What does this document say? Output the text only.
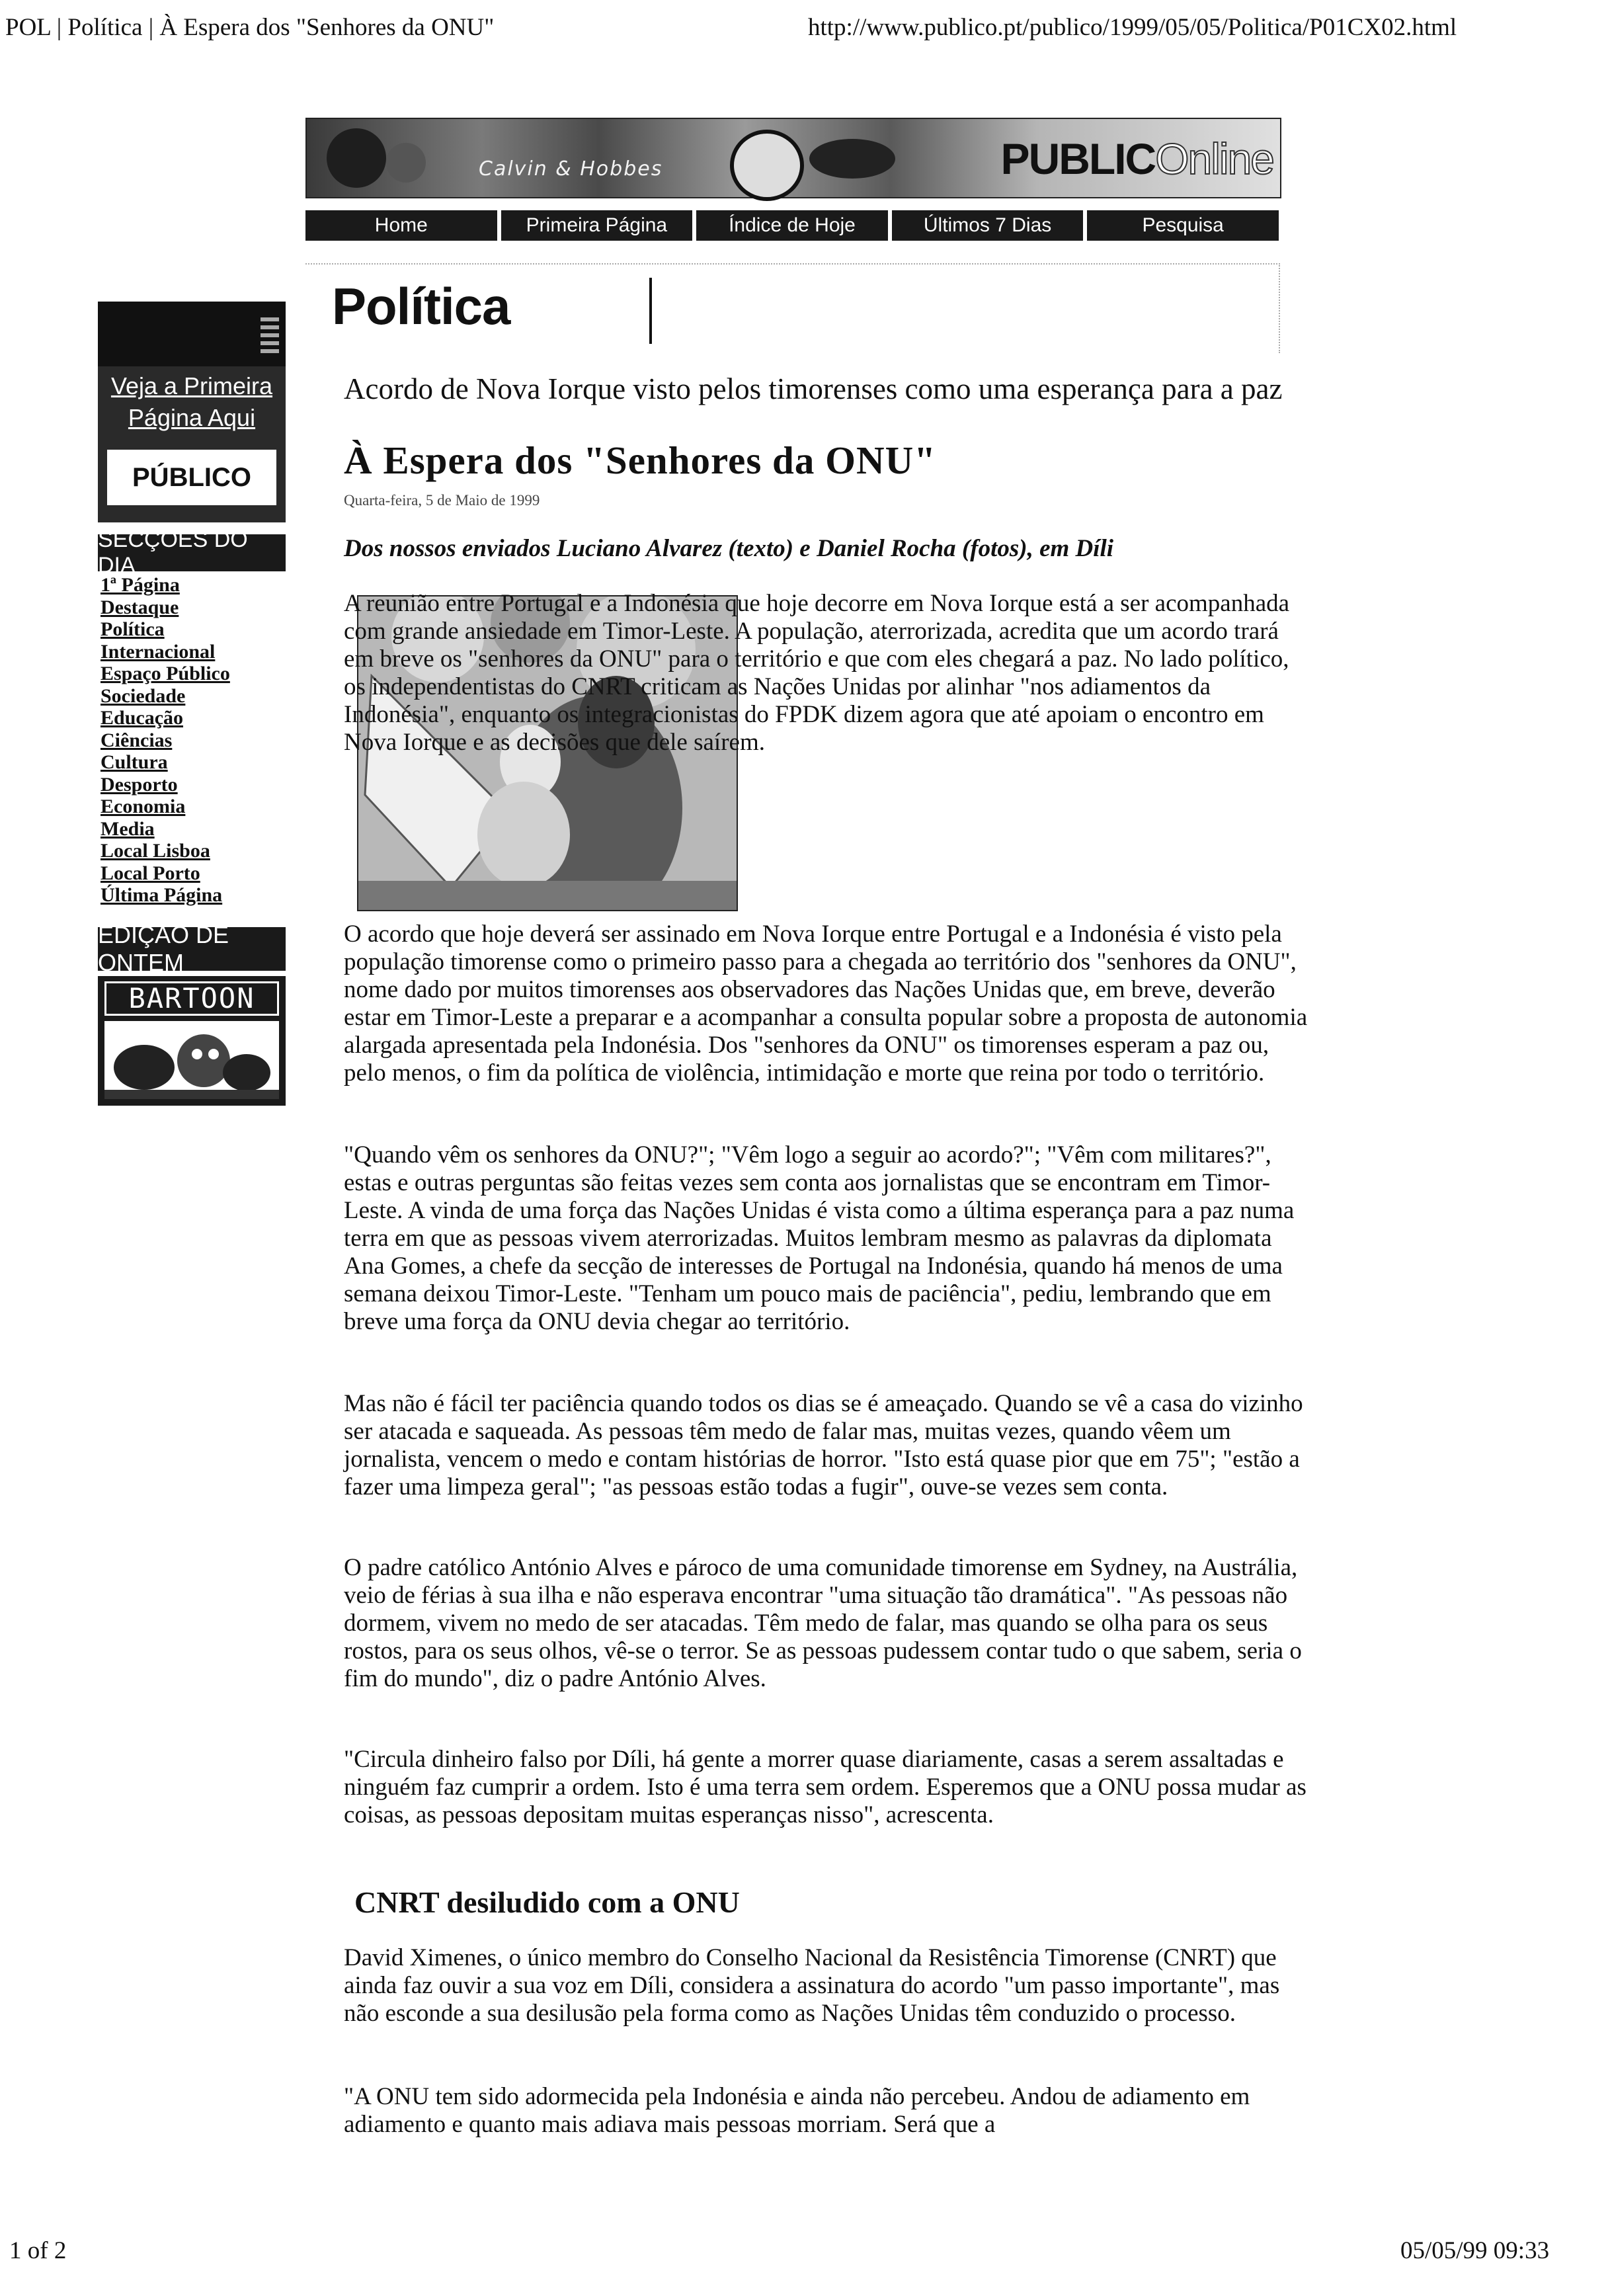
POL | Política | À Espera dos "Senhores da ONU"	http://www.publico.pt/publico/1999/05/05/Politica/P01CX02.html
Calvin & Hobbes	PUBLICOnline
Home	Primeira Página	Índice de Hoje	Últimos 7 Dias	Pesquisa
Política
Veja a Primeira
Página Aqui
PÚBLICO
SECÇÕES DO DIA
1ª Página
Destaque
Política
Internacional
Espaço Público
Sociedade
Educação
Ciências
Cultura
Desporto
Economia
Media
Local Lisboa
Local Porto
Última Página
EDIÇÃO DE ONTEM
BARTOON
Acordo de Nova Iorque visto pelos timorenses como uma esperança para a paz
À Espera dos "Senhores da ONU"
Quarta-feira, 5 de Maio de 1999
Dos nossos enviados Luciano Alvarez (texto) e Daniel Rocha (fotos), em Díli

A reunião entre Portugal e a Indonésia que hoje decorre em Nova Iorque está a ser acompanhada com grande ansiedade em Timor-Leste. A população, aterrorizada, acredita que um acordo trará em breve os "senhores da ONU" para o território e que com eles chegará a paz. No lado político, os independentistas do CNRT criticam as Nações Unidas por alinhar "nos adiamentos da Indonésia", enquanto os integracionistas do FPDK dizem agora que até apoiam o encontro em Nova Iorque e as decisões que dele saírem.

O acordo que hoje deverá ser assinado em Nova Iorque entre Portugal e a Indonésia é visto pela população timorense como o primeiro passo para a chegada ao território dos "senhores da ONU", nome dado por muitos timorenses aos observadores das Nações Unidas que, em breve, deverão estar em Timor-Leste a preparar e a acompanhar a consulta popular sobre a proposta de autonomia alargada apresentada pela Indonésia. Dos "senhores da ONU" os timorenses esperam a paz ou, pelo menos, o fim da política de violência, intimidação e morte que reina por todo o território.

"Quando vêm os senhores da ONU?"; "Vêm logo a seguir ao acordo?"; "Vêm com militares?", estas e outras perguntas são feitas vezes sem conta aos jornalistas que se encontram em Timor-Leste. A vinda de uma força das Nações Unidas é vista como a última esperança para a paz numa terra em que as pessoas vivem aterrorizadas. Muitos lembram mesmo as palavras da diplomata Ana Gomes, a chefe da secção de interesses de Portugal na Indonésia, quando há menos de uma semana deixou Timor-Leste. "Tenham um pouco mais de paciência", pediu, lembrando que em breve uma força da ONU devia chegar ao território.

Mas não é fácil ter paciência quando todos os dias se é ameaçado. Quando se vê a casa do vizinho ser atacada e saqueada. As pessoas têm medo de falar mas, muitas vezes, quando vêem um jornalista, vencem o medo e contam histórias de horror. "Isto está quase pior que em 75"; "estão a fazer uma limpeza geral"; "as pessoas estão todas a fugir", ouve-se vezes sem conta.

O padre católico António Alves e pároco de uma comunidade timorense em Sydney, na Austrália, veio de férias à sua ilha e não esperava encontrar "uma situação tão dramática". "As pessoas não dormem, vivem no medo de ser atacadas. Têm medo de falar, mas quando se olha para os seus rostos, para os seus olhos, vê-se o terror. Se as pessoas pudessem contar tudo o que sabem, seria o fim do mundo", diz o padre António Alves.

"Circula dinheiro falso por Díli, há gente a morrer quase diariamente, casas a serem assaltadas e ninguém faz cumprir a ordem. Isto é uma terra sem ordem. Esperemos que a ONU possa mudar as coisas, as pessoas depositam muitas esperanças nisso", acrescenta.

CNRT desiludido com a ONU

David Ximenes, o único membro do Conselho Nacional da Resistência Timorense (CNRT) que ainda faz ouvir a sua voz em Díli, considera a assinatura do acordo "um passo importante", mas não esconde a sua desilusão pela forma como as Nações Unidas têm conduzido o processo.

"A ONU tem sido adormecida pela Indonésia e ainda não percebeu. Andou de adiamento em adiamento e quanto mais adiava mais pessoas morriam. Será que a

1 of 2	05/05/99 09:33
